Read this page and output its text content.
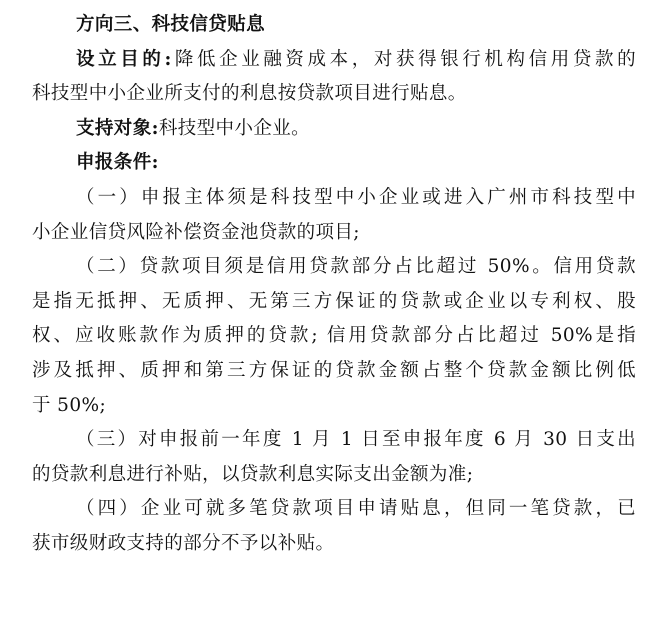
方向三、科技信贷贴息
设立目的:降低企业融资成本，对获得银行机构信用贷款的
科技型中小企业所支付的利息按贷款项目进行贴息。
支持对象:科技型中小企业。
申报条件:
（一）申报主体须是科技型中小企业或进入广州市科技型中
小企业信贷风险补偿资金池贷款的项目;
（二）贷款项目须是信用贷款部分占比超过 50%。信用贷款
是指无抵押、无质押、无第三方保证的贷款或企业以专利权、股
权、应收账款作为质押的贷款; 信用贷款部分占比超过 50%是指
涉及抵押、质押和第三方保证的贷款金额占整个贷款金额比例低
于 50%;
（三）对申报前一年度 1 月 1 日至申报年度 6 月 30 日支出
的贷款利息进行补贴，以贷款利息实际支出金额为准;
（四）企业可就多笔贷款项目申请贴息，但同一笔贷款，已
获市级财政支持的部分不予以补贴。
